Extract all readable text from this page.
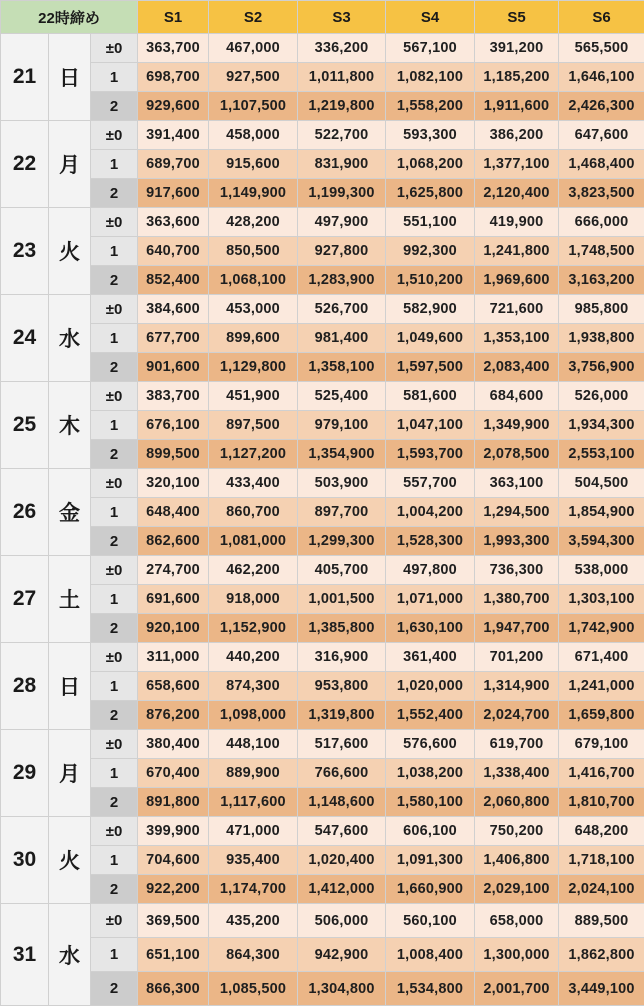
22時締め			S1	S2	S3	S4	S5	S6
21	日	±0	363,700	467,000	336,200	567,100	391,200	565,500
		1	698,700	927,500	1,011,800	1,082,100	1,185,200	1,646,100
		2	929,600	1,107,500	1,219,800	1,558,200	1,911,600	2,426,300
22	月	±0	391,400	458,000	522,700	593,300	386,200	647,600
		1	689,700	915,600	831,900	1,068,200	1,377,100	1,468,400
		2	917,600	1,149,900	1,199,300	1,625,800	2,120,400	3,823,500
23	火	±0	363,600	428,200	497,900	551,100	419,900	666,000
		1	640,700	850,500	927,800	992,300	1,241,800	1,748,500
		2	852,400	1,068,100	1,283,900	1,510,200	1,969,600	3,163,200
24	水	±0	384,600	453,000	526,700	582,900	721,600	985,800
		1	677,700	899,600	981,400	1,049,600	1,353,100	1,938,800
		2	901,600	1,129,800	1,358,100	1,597,500	2,083,400	3,756,900
25	木	±0	383,700	451,900	525,400	581,600	684,600	526,000
		1	676,100	897,500	979,100	1,047,100	1,349,900	1,934,300
		2	899,500	1,127,200	1,354,900	1,593,700	2,078,500	2,553,100
26	金	±0	320,100	433,400	503,900	557,700	363,100	504,500
		1	648,400	860,700	897,700	1,004,200	1,294,500	1,854,900
		2	862,600	1,081,000	1,299,300	1,528,300	1,993,300	3,594,300
27	土	±0	274,700	462,200	405,700	497,800	736,300	538,000
		1	691,600	918,000	1,001,500	1,071,000	1,380,700	1,303,100
		2	920,100	1,152,900	1,385,800	1,630,100	1,947,700	1,742,900
28	日	±0	311,000	440,200	316,900	361,400	701,200	671,400
		1	658,600	874,300	953,800	1,020,000	1,314,900	1,241,000
		2	876,200	1,098,000	1,319,800	1,552,400	2,024,700	1,659,800
29	月	±0	380,400	448,100	517,600	576,600	619,700	679,100
		1	670,400	889,900	766,600	1,038,200	1,338,400	1,416,700
		2	891,800	1,117,600	1,148,600	1,580,100	2,060,800	1,810,700
30	火	±0	399,900	471,000	547,600	606,100	750,200	648,200
		1	704,600	935,400	1,020,400	1,091,300	1,406,800	1,718,100
		2	922,200	1,174,700	1,412,000	1,660,900	2,029,100	2,024,100
31	水	±0	369,500	435,200	506,000	560,100	658,000	889,500
		1	651,100	864,300	942,900	1,008,400	1,300,000	1,862,800
		2	866,300	1,085,500	1,304,800	1,534,800	2,001,700	3,449,100
